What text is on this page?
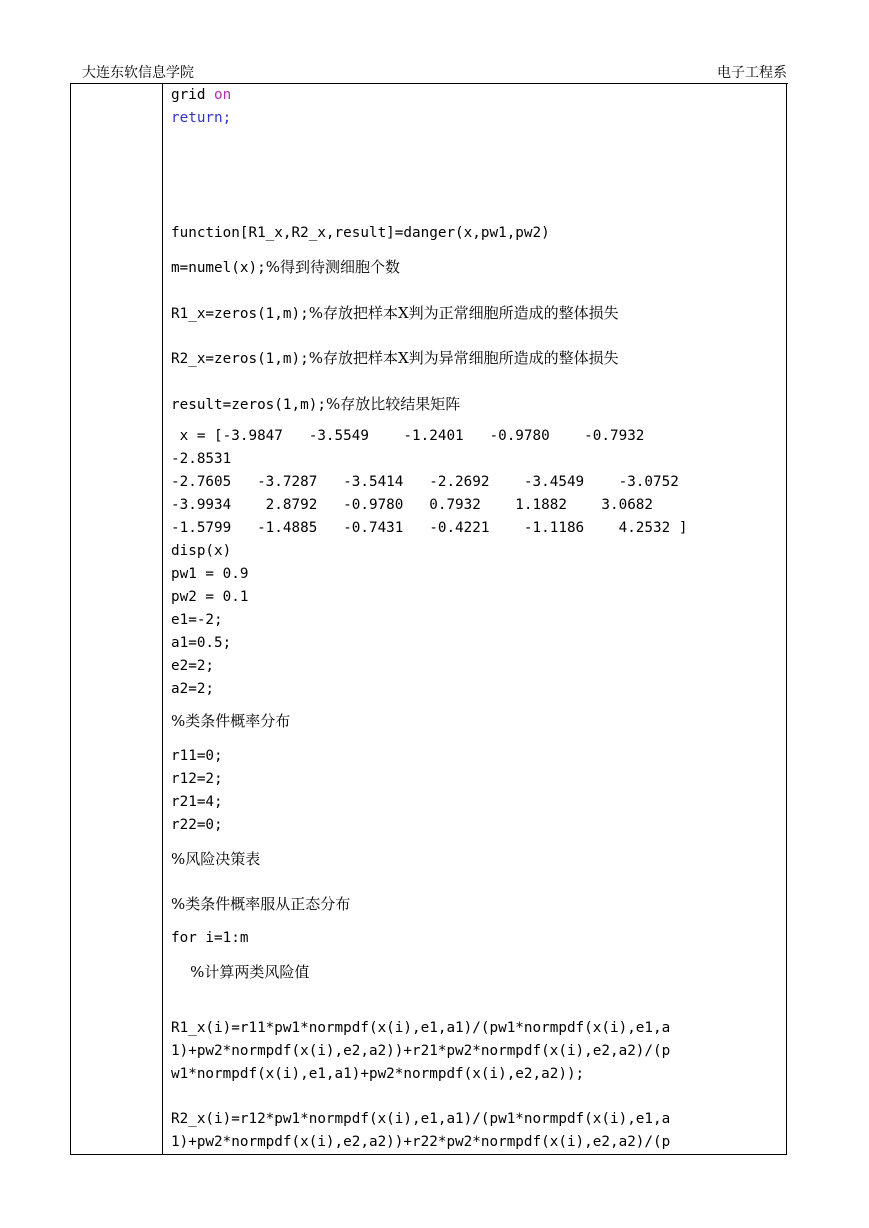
大连东软信息学院	电子工程系
grid on
return;
function[R1_x,R2_x,result]=danger(x,pw1,pw2)
m=numel(x);%得到待测细胞个数
R1_x=zeros(1,m);%存放把样本X判为正常细胞所造成的整体损失
R2_x=zeros(1,m);%存放把样本X判为异常细胞所造成的整体损失
result=zeros(1,m);%存放比较结果矩阵
x = [-3.9847   -3.5549    -1.2401   -0.9780    -0.7932
-2.8531
-2.7605   -3.7287   -3.5414   -2.2692    -3.4549    -3.0752
-3.9934    2.8792   -0.9780   0.7932    1.1882    3.0682
-1.5799   -1.4885   -0.7431   -0.4221    -1.1186    4.2532 ]
disp(x)
pw1 = 0.9
pw2 = 0.1
e1=-2;
a1=0.5;
e2=2;
a2=2;
%类条件概率分布
r11=0;
r12=2;
r21=4;
r22=0;
%风险决策表
%类条件概率服从正态分布
for i=1:m
%计算两类风险值
R1_x(i)=r11*pw1*normpdf(x(i),e1,a1)/(pw1*normpdf(x(i),e1,a
1)+pw2*normpdf(x(i),e2,a2))+r21*pw2*normpdf(x(i),e2,a2)/(p
w1*normpdf(x(i),e1,a1)+pw2*normpdf(x(i),e2,a2));
R2_x(i)=r12*pw1*normpdf(x(i),e1,a1)/(pw1*normpdf(x(i),e1,a
1)+pw2*normpdf(x(i),e2,a2))+r22*pw2*normpdf(x(i),e2,a2)/(p
